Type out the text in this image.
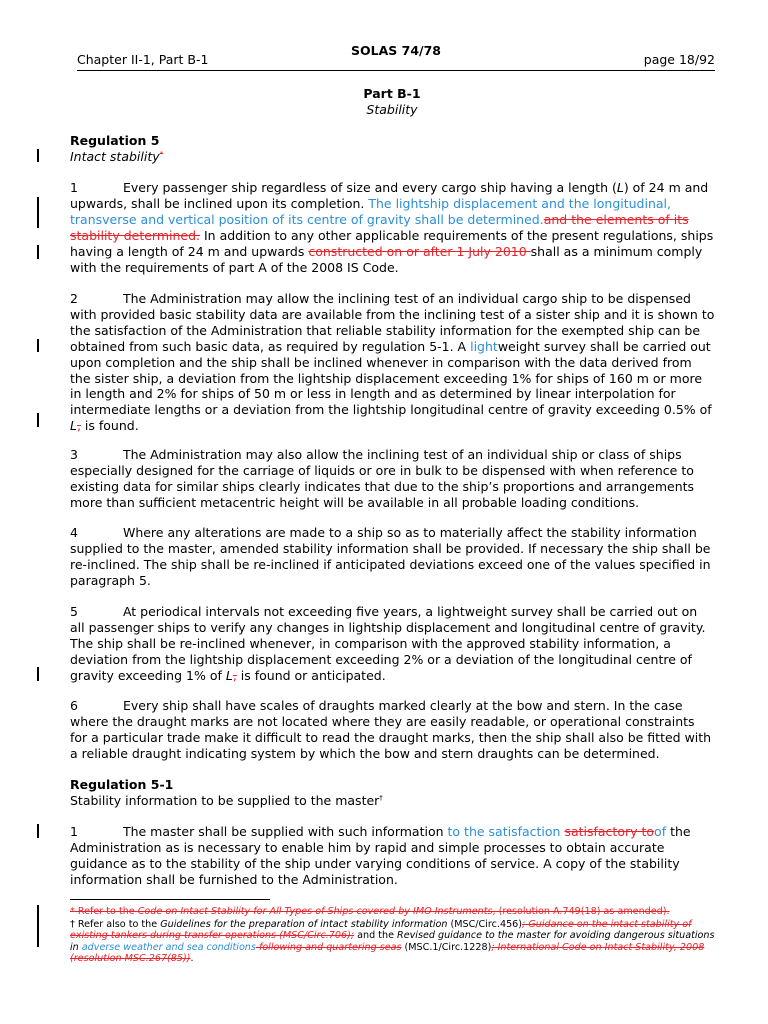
Chapter II-1, Part B-1
SOLAS 74/78
page 18/92
Part B-1
Stability
Regulation 5
Intact stability*

1	Every passenger ship regardless of size and every cargo ship having a length (L) of 24 m and upwards, shall be inclined upon its completion. The lightship displacement and the longitudinal, transverse and vertical position of its centre of gravity shall be determined.and the elements of its stability determined. In addition to any other applicable requirements of the present regulations, ships having a length of 24 m and upwards constructed on or after 1 July 2010 shall as a minimum comply with the requirements of part A of the 2008 IS Code.

2	The Administration may allow the inclining test of an individual cargo ship to be dispensed with provided basic stability data are available from the inclining test of a sister ship and it is shown to the satisfaction of the Administration that reliable stability information for the exempted ship can be obtained from such basic data, as required by regulation 5-1. A lightweight survey shall be carried out upon completion and the ship shall be inclined whenever in comparison with the data derived from the sister ship, a deviation from the lightship displacement exceeding 1% for ships of 160 m or more in length and 2% for ships of 50 m or less in length and as determined by linear interpolation for intermediate lengths or a deviation from the lightship longitudinal centre of gravity exceeding 0.5% of L, is found.

3	The Administration may also allow the inclining test of an individual ship or class of ships especially designed for the carriage of liquids or ore in bulk to be dispensed with when reference to existing data for similar ships clearly indicates that due to the ship’s proportions and arrangements more than sufficient metacentric height will be available in all probable loading conditions.

4	Where any alterations are made to a ship so as to materially affect the stability information supplied to the master, amended stability information shall be provided. If necessary the ship shall be re-inclined. The ship shall be re-inclined if anticipated deviations exceed one of the values specified in paragraph 5.

5	At periodical intervals not exceeding five years, a lightweight survey shall be carried out on all passenger ships to verify any changes in lightship displacement and longitudinal centre of gravity. The ship shall be re-inclined whenever, in comparison with the approved stability information, a deviation from the lightship displacement exceeding 2% or a deviation of the longitudinal centre of gravity exceeding 1% of L, is found or anticipated.

6	Every ship shall have scales of draughts marked clearly at the bow and stern. In the case where the draught marks are not located where they are easily readable, or operational constraints for a particular trade make it difficult to read the draught marks, then the ship shall also be fitted with a reliable draught indicating system by which the bow and stern draughts can be determined.

Regulation 5-1
Stability information to be supplied to the master†

1	The master shall be supplied with such information to the satisfaction satisfactory toof the Administration as is necessary to enable him by rapid and simple processes to obtain accurate guidance as to the stability of the ship under varying conditions of service. A copy of the stability information shall be furnished to the Administration.

* Refer to the Code on Intact Stability for All Types of Ships covered by IMO Instruments, (resolution A.749(18) as amended).
† Refer also to the Guidelines for the preparation of intact stability information (MSC/Circ.456); Guidance on the intact stability of existing tankers during transfer operations (MSC/Circ.706); and the Revised guidance to the master for avoiding dangerous situations in adverse weather and sea conditions following and quartering seas (MSC.1/Circ.1228); International Code on Intact Stability, 2008 (resolution MSC.267(85)).
